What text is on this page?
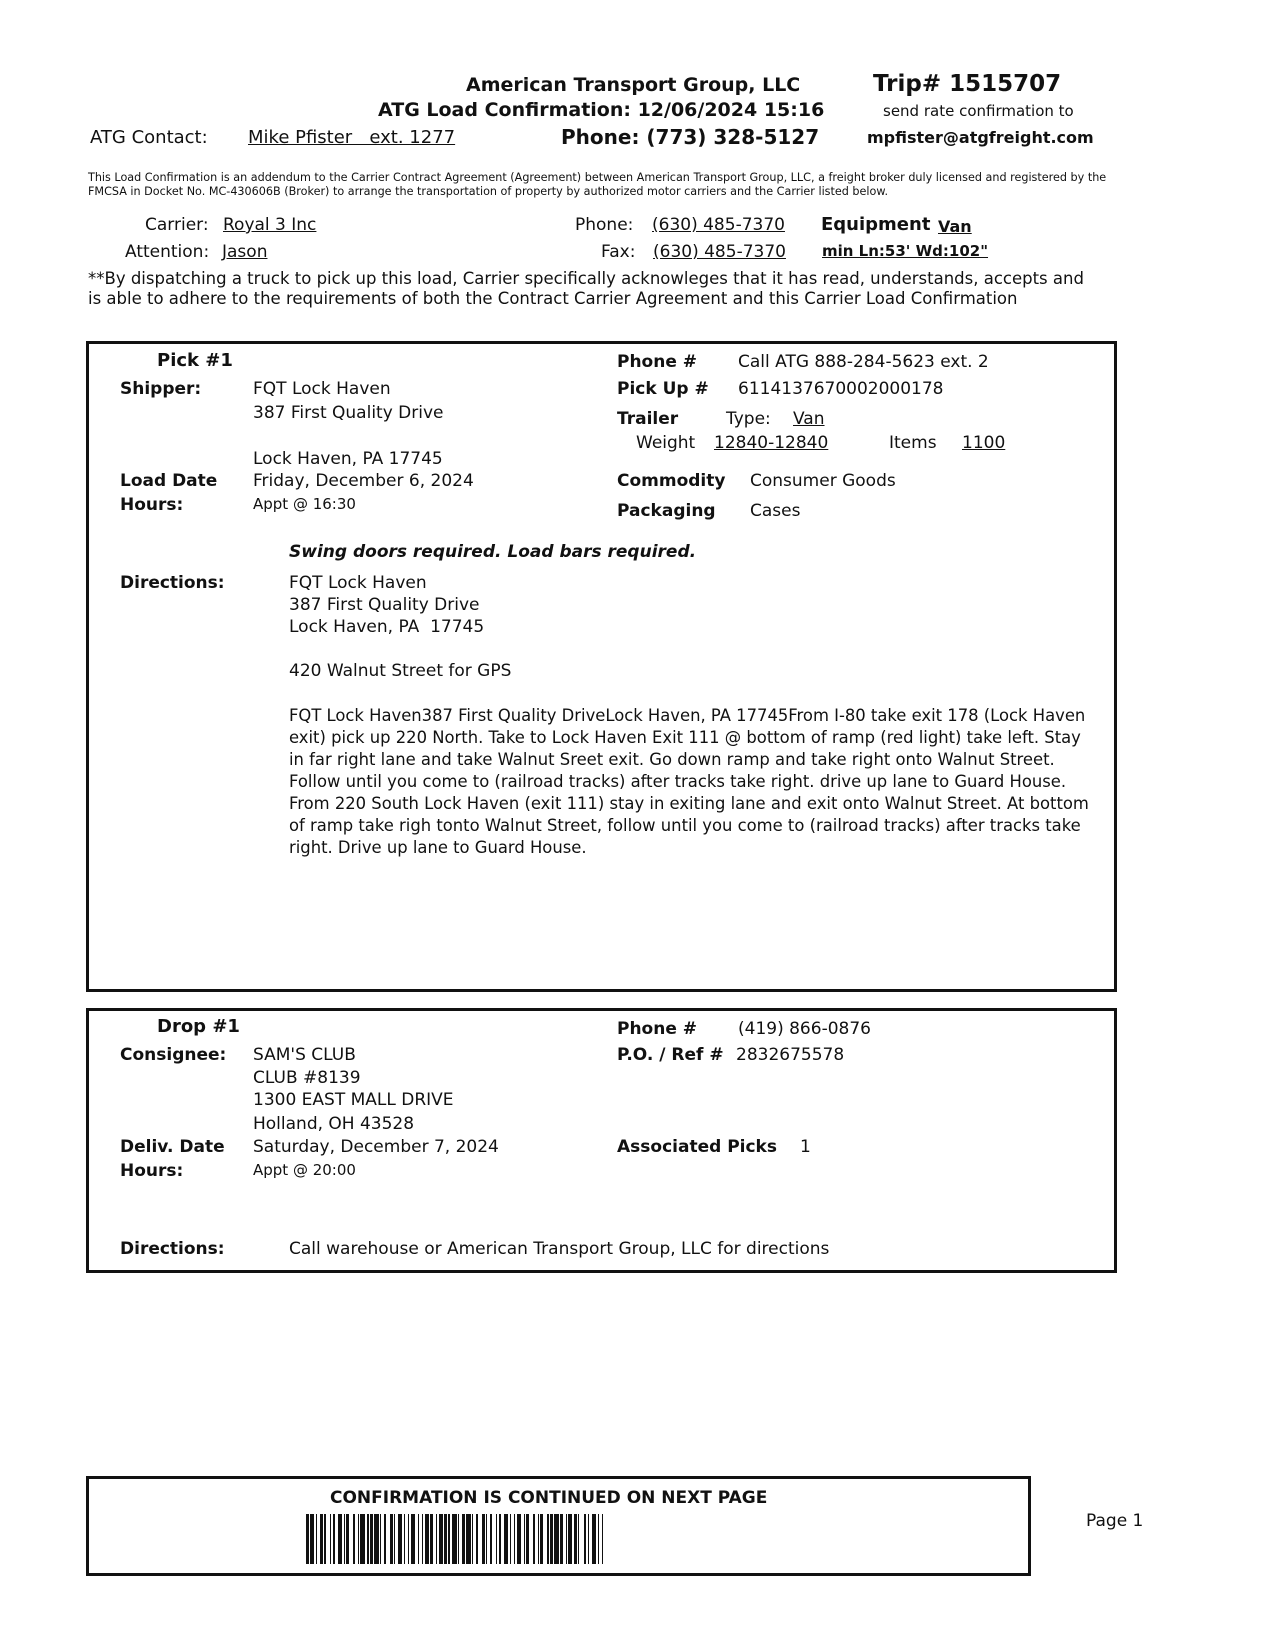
American Transport Group, LLC	Trip# 1515707
ATG Load Confirmation: 12/06/2024 15:16	send rate confirmation to
ATG Contact: Mike Pfister   ext. 1277	Phone: (773) 328-5127	mpfister@atgfreight.com
This Load Confirmation is an addendum to the Carrier Contract Agreement (Agreement) between American Transport Group, LLC, a freight broker duly licensed and registered by the FMCSA in Docket No. MC-430606B (Broker) to arrange the transportation of property by authorized motor carriers and the Carrier listed below.
Carrier: Royal 3 Inc
Attention: Jason
Phone: (630) 485-7370
Fax: (630) 485-7370
Equipment Van
min Ln:53' Wd:102"
**By dispatching a truck to pick up this load, Carrier specifically acknowleges that it has read, understands, accepts and is able to adhere to the requirements of both the Contract Carrier Agreement and this Carrier Load Confirmation
Pick #1
Shipper:	FQT Lock Haven
387 First Quality Drive
Lock Haven, PA 17745
Load Date Friday, December 6, 2024
Hours:	Appt @ 16:30
Phone # Call ATG 888-284-5623 ext. 2
Pick Up # 6114137670002000178
Trailer	Type: Van
Weight 12840-12840	Items 1100
Commodity Consumer Goods
Packaging Cases
Swing doors required. Load bars required.
Directions:	FQT Lock Haven
387 First Quality Drive
Lock Haven, PA  17745
420 Walnut Street for GPS
FQT Lock Haven387 First Quality DriveLock Haven, PA 17745From I-80 take exit 178 (Lock Haven exit) pick up 220 North. Take to Lock Haven Exit 111 @ bottom of ramp (red light) take left. Stay in far right lane and take Walnut Sreet exit. Go down ramp and take right onto Walnut Street. Follow until you come to (railroad tracks) after tracks take right. drive up lane to Guard House. From 220 South Lock Haven (exit 111) stay in exiting lane and exit onto Walnut Street. At bottom of ramp take righ tonto Walnut Street, follow until you come to (railroad tracks) after tracks take right. Drive up lane to Guard House.
Drop #1
Consignee: SAM'S CLUB
CLUB #8139
1300 EAST MALL DRIVE
Holland, OH 43528
Deliv. Date Saturday, December 7, 2024
Hours:	Appt @ 20:00
Phone # (419) 866-0876
P.O. / Ref # 2832675578
Associated Picks 1
Directions:	Call warehouse or American Transport Group, LLC for directions
CONFIRMATION IS CONTINUED ON NEXT PAGE
Page 1
